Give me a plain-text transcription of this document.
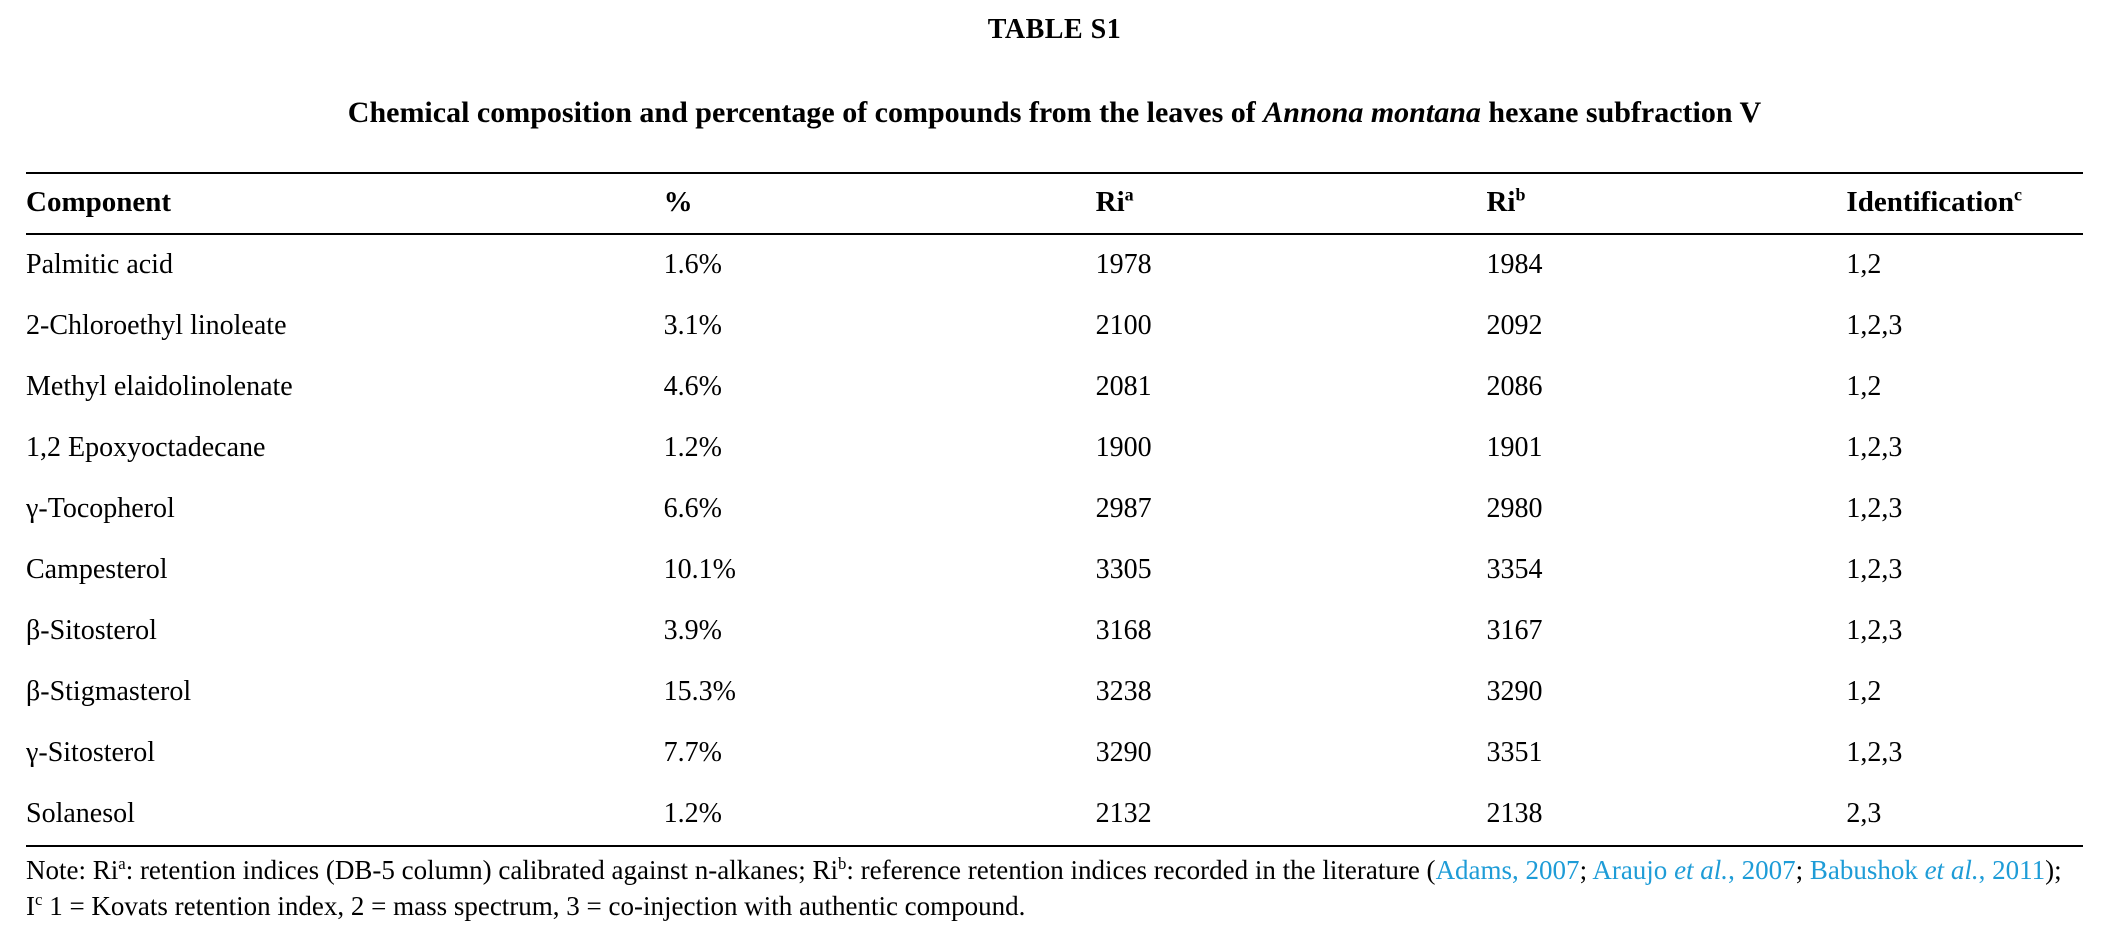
TABLE S1
Chemical composition and percentage of compounds from the leaves of Annona montana hexane subfraction V
Component	%	Ri$^a$	Ri$^b$	Identification$^c$
Palmitic acid	1.6%	1978	1984	1,2
2-Chloroethyl linoleate	3.1%	2100	2092	1,2,3
Methyl elaidolinolenate	4.6%	2081	2086	1,2
1,2 Epoxyoctadecane	1.2%	1900	1901	1,2,3
γ-Tocopherol	6.6%	2987	2980	1,2,3
Campesterol	10.1%	3305	3354	1,2,3
β-Sitosterol	3.9%	3168	3167	1,2,3
β-Stigmasterol	15.3%	3238	3290	1,2
γ-Sitosterol	7.7%	3290	3351	1,2,3
Solanesol	1.2%	2132	2138	2,3

Note: Ri$^a$: retention indices (DB-5 column) calibrated against n-alkanes; Ri$^b$: reference retention indices recorded in the literature (Adams, 2007; Araujo et al., 2007; Babushok et al., 2011); $I^c$ 1 = Kovats retention index, 2 = mass spectrum, 3 = co-injection with authentic compound.
